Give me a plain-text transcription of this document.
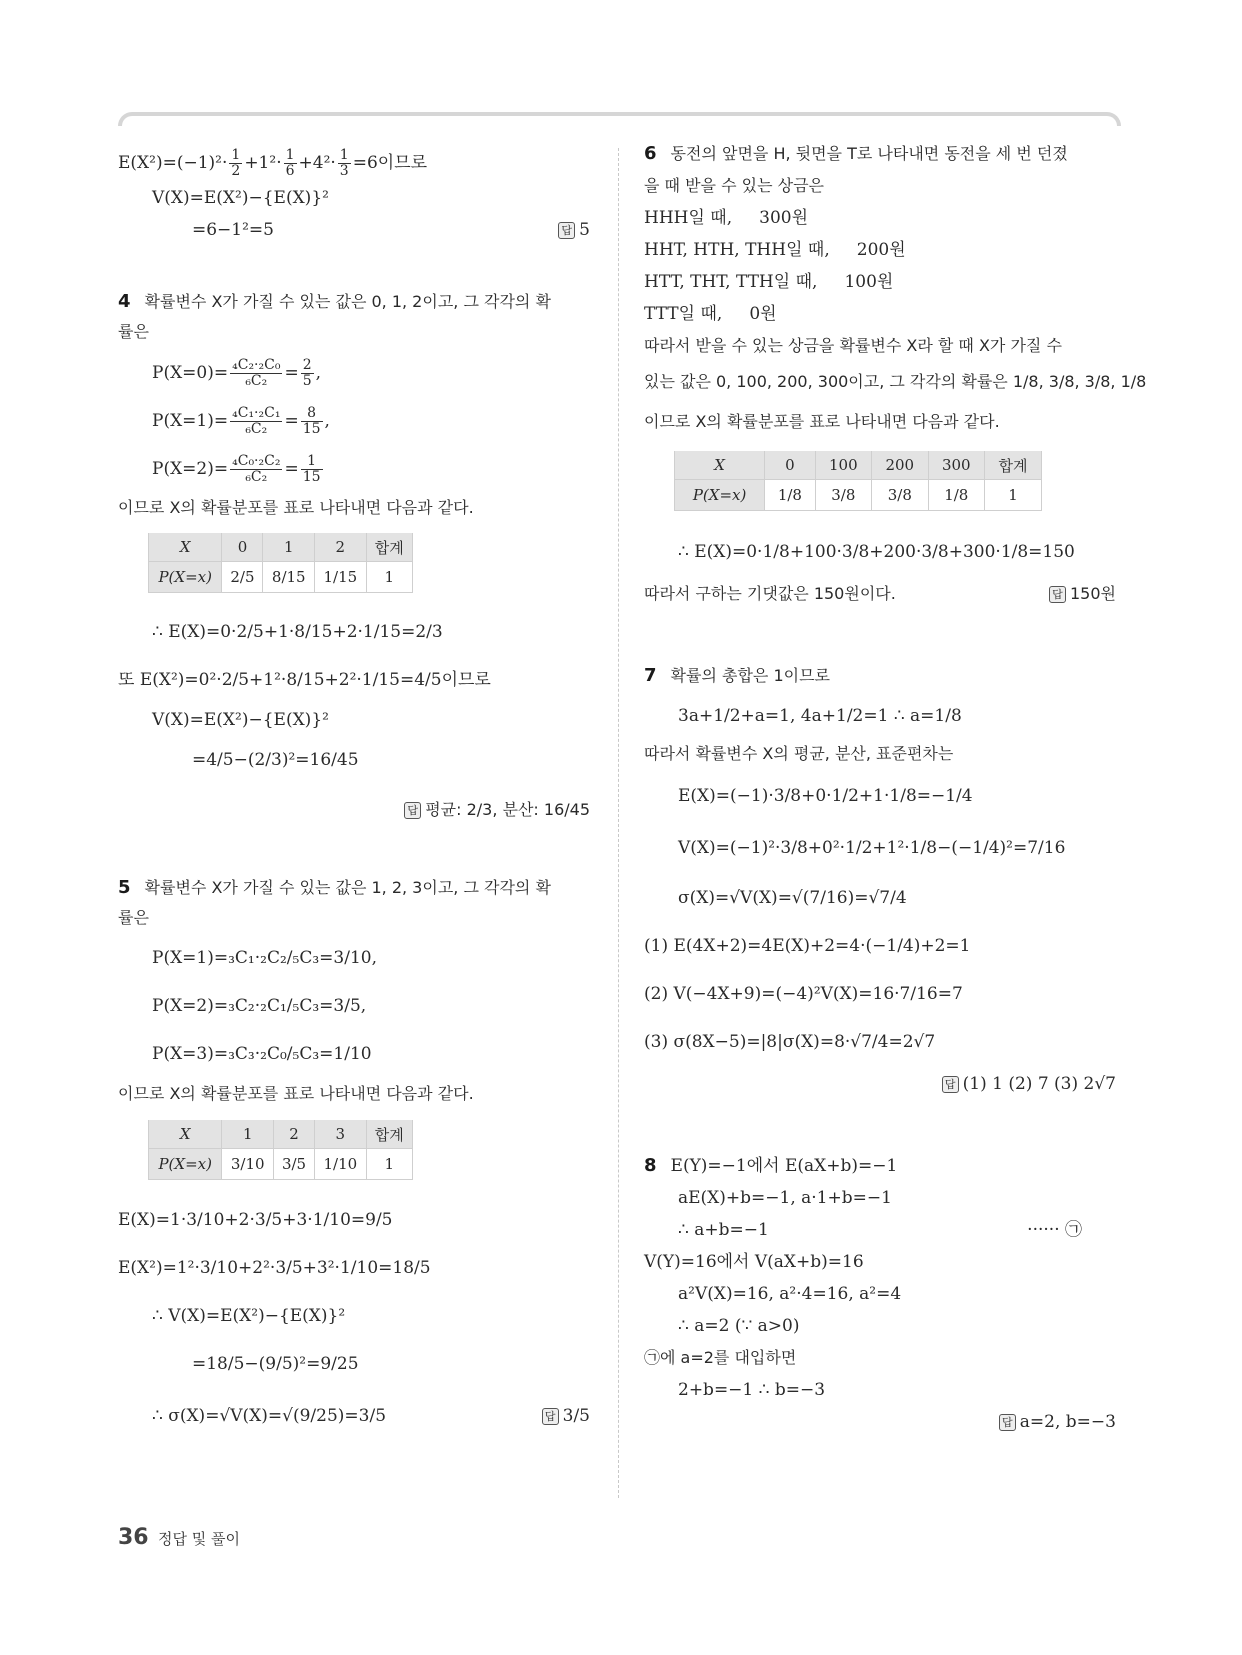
$E(X^2)=(-1)^2\cdot \frac{1}{2} +1^2\cdot \frac{1}{6} +4^2\cdot \frac{1}{3} =6$이므로
V(X)=E(X²)−{E(X)}²
=6−1²=5	답 5
4 확률변수 X가 가질 수 있는 값은 0, 1, 2이고, 그 각각의 확
률은
$P(X=0)= \frac{\text{₄C₂·₂C₀}}{\text{₆C₂}} = \frac{2}{5}$ ,
$P(X=1)= \frac{\text{₄C₁·₂C₁}}{\text{₆C₂}} = \frac{8}{15}$ ,
$P(X=2)= \frac{\text{₄C₀·₂C₂}}{\text{₆C₂}} = \frac{1}{15}$
이므로 X의 확률분포를 표로 나타내면 다음과 같다.
X	0	1	2	합계
P(X=x)	2/5	8/15	1/15	1
∴ E(X)=0·2/5+1·8/15+2·1/15=2/3
또 E(X²)=0²·2/5+1²·8/15+2²·1/15=4/5이므로
V(X)=E(X²)−{E(X)}²
=4/5−(2/3)²=16/45
답 평균: 2/3, 분산: 16/45
5 확률변수 X가 가질 수 있는 값은 1, 2, 3이고, 그 각각의 확
률은
P(X=1)=₃C₁·₂C₂/₅C₃=3/10,
P(X=2)=₃C₂·₂C₁/₅C₃=3/5,
P(X=3)=₃C₃·₂C₀/₅C₃=1/10
이므로 X의 확률분포를 표로 나타내면 다음과 같다.
X	1	2	3	합계
P(X=x)	3/10	3/5	1/10	1
E(X)=1·3/10+2·3/5+3·1/10=9/5
E(X²)=1²·3/10+2²·3/5+3²·1/10=18/5
∴ V(X)=E(X²)−{E(X)}²
=18/5−(9/5)²=9/25
∴ σ(X)=√V(X)=√(9/25)=3/5	답 3/5
6 동전의 앞면을 H, 뒷면을 T로 나타내면 동전을 세 번 던졌
을 때 받을 수 있는 상금은
HHH일 때, 300원
HHT, HTH, THH일 때, 200원
HTT, THT, TTH일 때, 100원
TTT일 때, 0원
따라서 받을 수 있는 상금을 확률변수 X라 할 때 X가 가질 수
있는 값은 0, 100, 200, 300이고, 그 각각의 확률은 1/8, 3/8, 3/8, 1/8
이므로 X의 확률분포를 표로 나타내면 다음과 같다.
X	0	100	200	300	합계
P(X=x)	1/8	3/8	3/8	1/8	1
∴ E(X)=0·1/8+100·3/8+200·3/8+300·1/8=150
따라서 구하는 기댓값은 150원이다.	답 150원
7 확률의 총합은 1이므로
3a+1/2+a=1, 4a+1/2=1 ∴ a=1/8
따라서 확률변수 X의 평균, 분산, 표준편차는
E(X)=(−1)·3/8+0·1/2+1·1/8=−1/4
V(X)=(−1)²·3/8+0²·1/2+1²·1/8−(−1/4)²=7/16
σ(X)=√V(X)=√(7/16)=√7/4
(1) E(4X+2)=4E(X)+2=4·(−1/4)+2=1
(2) V(−4X+9)=(−4)²V(X)=16·7/16=7
(3) σ(8X−5)=|8|σ(X)=8·√7/4=2√7
답 (1) 1 (2) 7 (3) 2√7
8 E(Y)=−1에서 E(aX+b)=−1
aE(X)+b=−1, a·1+b=−1
∴ a+b=−1	······ ㉠
V(Y)=16에서 V(aX+b)=16
a²V(X)=16, a²·4=16, a²=4
∴ a=2 (∵ a>0)
㉠에 a=2를 대입하면
2+b=−1 ∴ b=−3
답 a=2, b=−3
36 정답 및 풀이
